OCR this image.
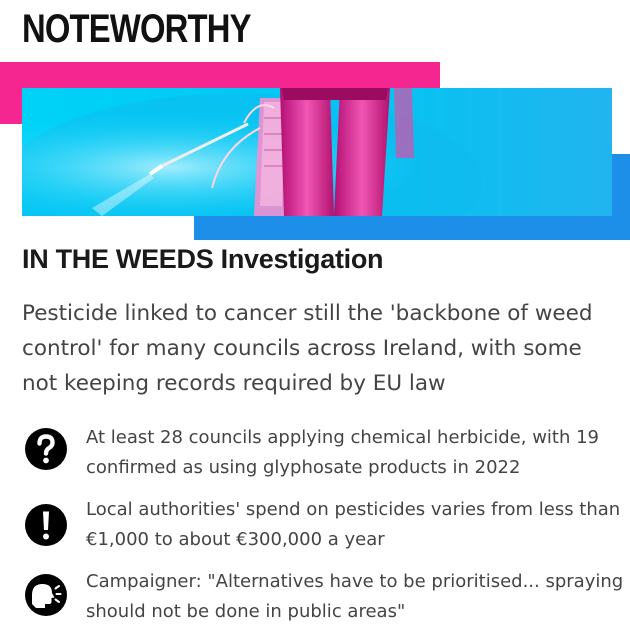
NOTEWORTHY
IN THE WEEDS Investigation
Pesticide linked to cancer still the 'backbone of weed control' for many councils across Ireland, with some not keeping records required by EU law
At least 28 councils applying chemical herbicide, with 19 confirmed as using glyphosate products in 2022
Local authorities' spend on pesticides varies from less than €1,000 to about €300,000 a year
Campaigner: "Alternatives have to be prioritised... spraying should not be done in public areas"
